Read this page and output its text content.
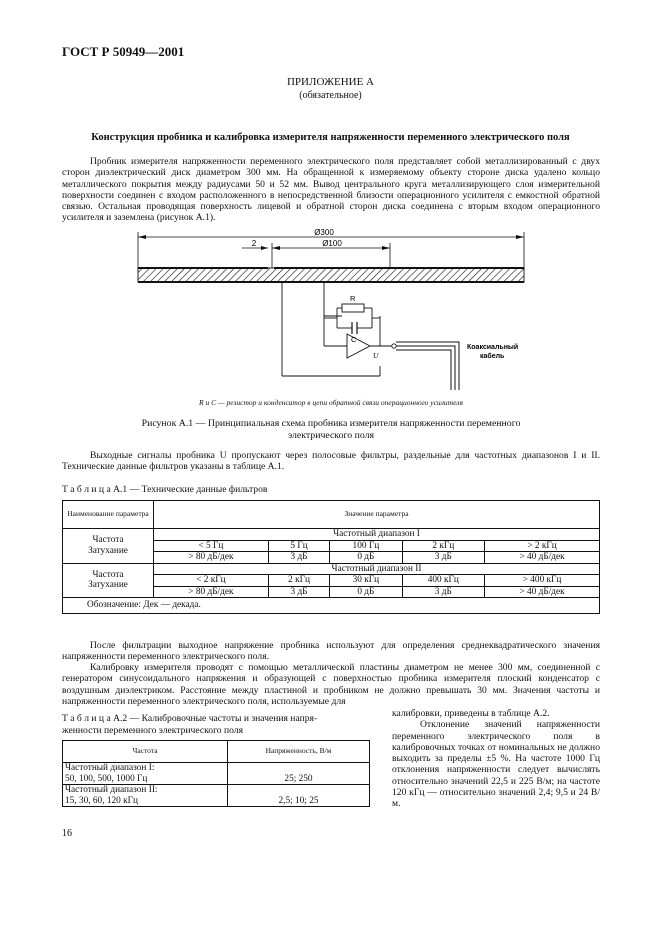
ГОСТ Р 50949—2001
ПРИЛОЖЕНИЕ А
(обязательное)
Конструкция пробника и калибровка измерителя напряженности переменного электрического поля

Пробник измерителя напряженности переменного электрического поля представляет собой металлизированный с двух сторон диэлектрический диск диаметром 300 мм. На обращенной к измеряемому объекту стороне диска удалено кольцо металлического покрытия между радиусами 50 и 52 мм. Вывод центрального круга металлизирующего слоя измерительной поверхности соединен с входом расположенного в непосредственной близости операционного усилителя с емкостной обратной связью. Остальная проводящая поверхность лицевой и обратной сторон диска соединена с вторым входом операционного усилителя и заземлена (рисунок А.1).

Ø300
Ø100
2
R
C
U
Коаксиальный
кабель
R и C — резистор и конденсатор в цепи обратной связи операционного усилителя
Рисунок А.1 — Принципиальная схема пробника измерителя напряженности переменного
электрического поля

Выходные сигналы пробника U пропускают через полосовые фильтры, раздельные для частотных диапазонов I и II. Технические данные фильтров указаны в таблице А.1.

Т а б л и ц а А.1 — Технические данные фильтров
Наименование параметра	Значение параметра				

Частота
Затухание	Частотный диапазон I				
	< 5 Гц	5 Гц	100 Гц	2 кГц	> 2 кГц
	> 80 дБ/дек	3 дБ	0 дБ	3 дБ	> 40 дБ/дек

Частота
Затухание	Частотный диапазон II				
	< 2 кГц	2 кГц	30 кГц	400 кГц	> 400 кГц
	> 80 дБ/дек	3 дБ	0 дБ	3 дБ	> 40 дБ/дек
Обозначение: Дек — декада.					

После фильтрации выходное напряжение пробника используют для определения среднеквадратического значения напряженности переменного электрического поля.

Калибровку измерителя проводят с помощью металлической пластины диаметром не менее 300 мм, соединенной с генератором синусоидального напряжения и образующей с поверхностью пробника измерителя плоский конденсатор с воздушным диэлектриком. Расстояние между пластиной и пробником не должно превышать 30 мм. Значения частоты и напряженности переменного электрического поля, используемые для

Т а б л и ц а А.2 — Калибровочные частоты и значения напря-
женности переменного электрического поля
Частота	Напряженность, В/м

Частотный диапазон I:
50, 100, 500, 1000 Гц	25; 250

Частотный диапазон II:
15, 30, 60, 120 кГц	2,5; 10; 25
калибровки, приведены в таблице А.2.

Отклонение значений напряженности переменного электрического поля в калибровочных точках от номинальных не должно выходить за пределы ±5 %. На частоте 1000 Гц отклонения напряженности следует вычислять относительно значений 22,5 и 225 В/м; на частоте 120 кГц — относительно значений 2,4; 9,5 и 24 В/м.

16
